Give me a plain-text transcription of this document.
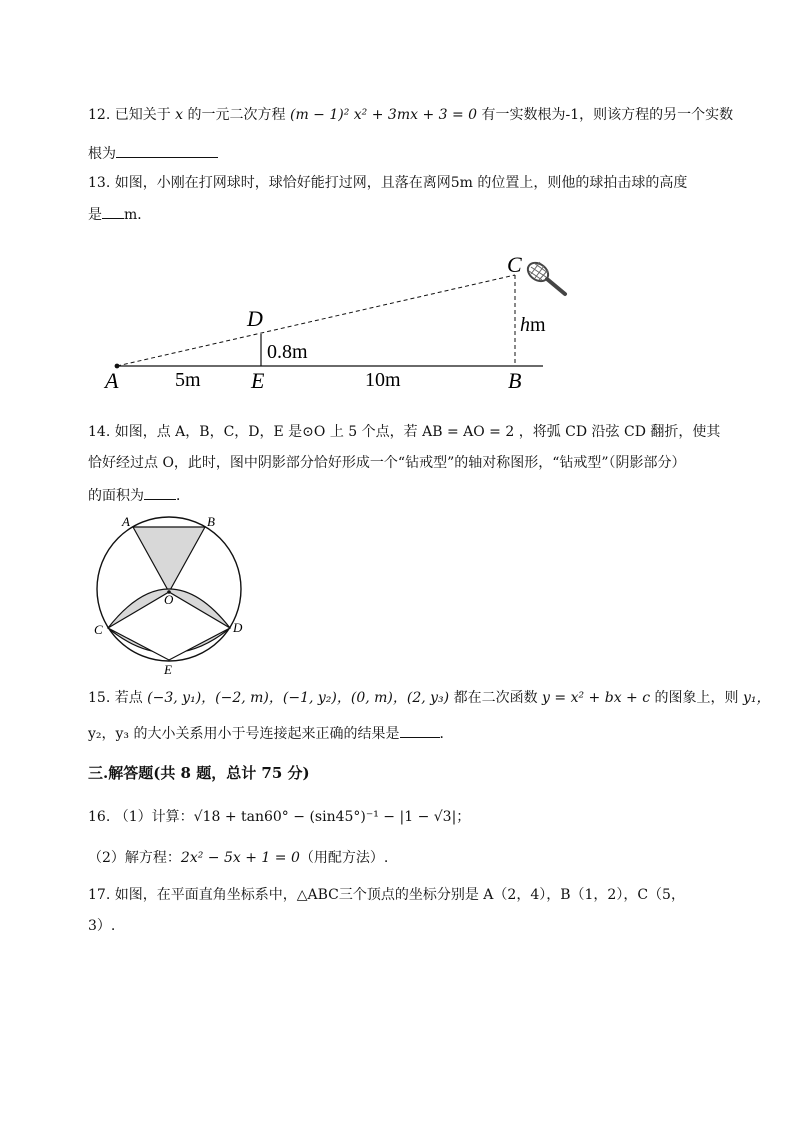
12. 已知关于 x 的一元二次方程 (m − 1)² x² + 3mx + 3 = 0 有一实数根为-1，则该方程的另一个实数
根为
13. 如图，小刚在打网球时，球恰好能打过网，且落在离网5m 的位置上，则他的球拍击球的高度
是 m．
A	5m E	10m	B
D
0.8m
C
hm
14. 如图，点 A，B，C，D，E 是⊙O 上 5 个点，若 AB = AO = 2 ，将弧 CD 沿弦 CD 翻折，使其
恰好经过点 O，此时，图中阴影部分恰好形成一个“钻戒型”的轴对称图形，“钻戒型”（阴影部分）
的面积为 ．
A	B
O
C	D
E
15. 若点 (−3, y₁)，(−2, m)，(−1, y₂)，(0, m)，(2, y₃) 都在二次函数 y = x² + bx + c 的图象上，则 y₁，
y₂，y₃ 的大小关系用小于号连接起来正确的结果是	．
三.解答题(共 8 题，总计 75 分)
16. （1）计算：√18 + tan60° − (sin45°)⁻¹ − |1 − √3|；
（2）解方程：2x² − 5x + 1 = 0（用配方法）.
17. 如图，在平面直角坐标系中，△ABC三个顶点的坐标分别是 A（2，4），B（1，2），C（5，
3）.
